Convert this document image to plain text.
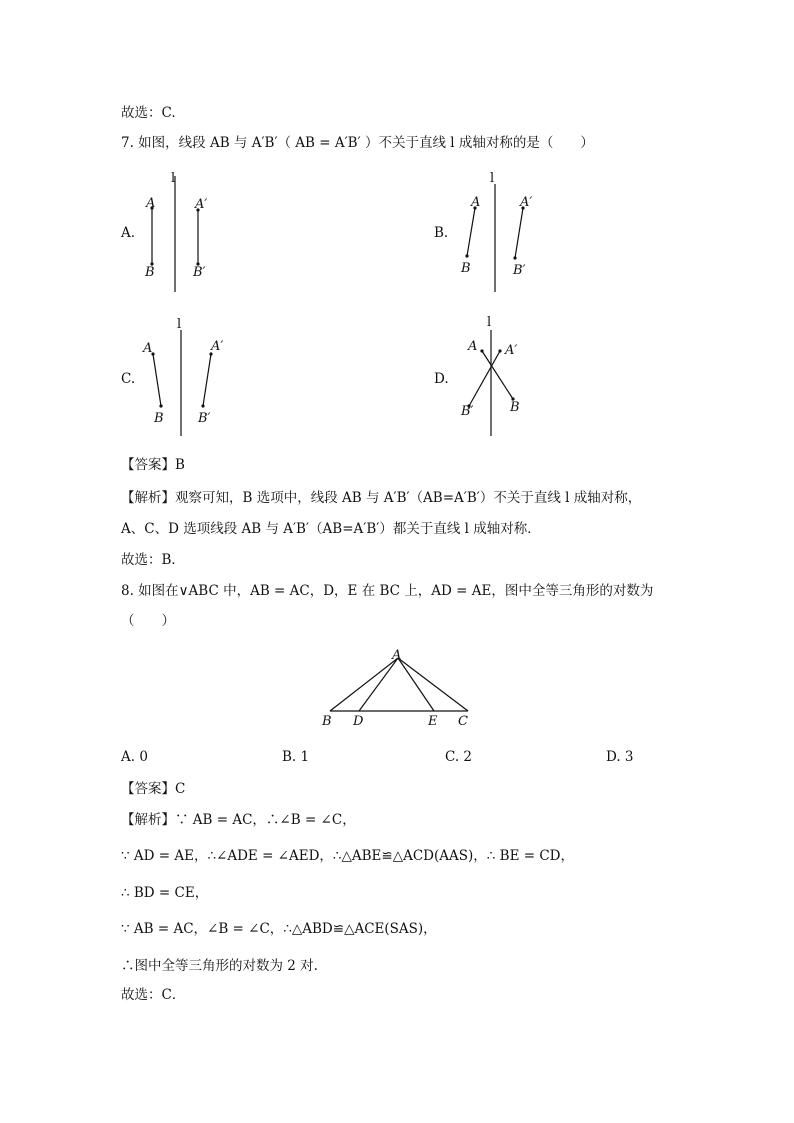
故选：C.
7. 如图，线段 AB 与 A′B′（ AB = A′B′ ）不关于直线 l 成轴对称的是（　　）
A.	B.
C.	D.
l
A
B
A′
B′
l
A
B
A′
B′
l
A
B
A′
B′
l
A
B
A′
B′
【答案】B
【解析】观察可知，B 选项中，线段 AB 与 A′B′（AB=A′B′）不关于直线 l 成轴对称，
A、C、D 选项线段 AB 与 A′B′（AB=A′B′）都关于直线 l 成轴对称．
故选：B．
8. 如图在∨ABC 中，AB = AC，D，E 在 BC 上，AD = AE，图中全等三角形的对数为
（　　）
A
B D	E C
A. 0	B. 1	C. 2	D. 3
【答案】C
【解析】∵ AB = AC，∴∠B = ∠C，
∵ AD = AE，∴∠ADE = ∠AED，∴△ABE≌△ACD(AAS)，∴ BE = CD，
∴ BD = CE，
∵ AB = AC，∠B = ∠C，∴△ABD≌△ACE(SAS)，
∴图中全等三角形的对数为 2 对.
故选：C．
